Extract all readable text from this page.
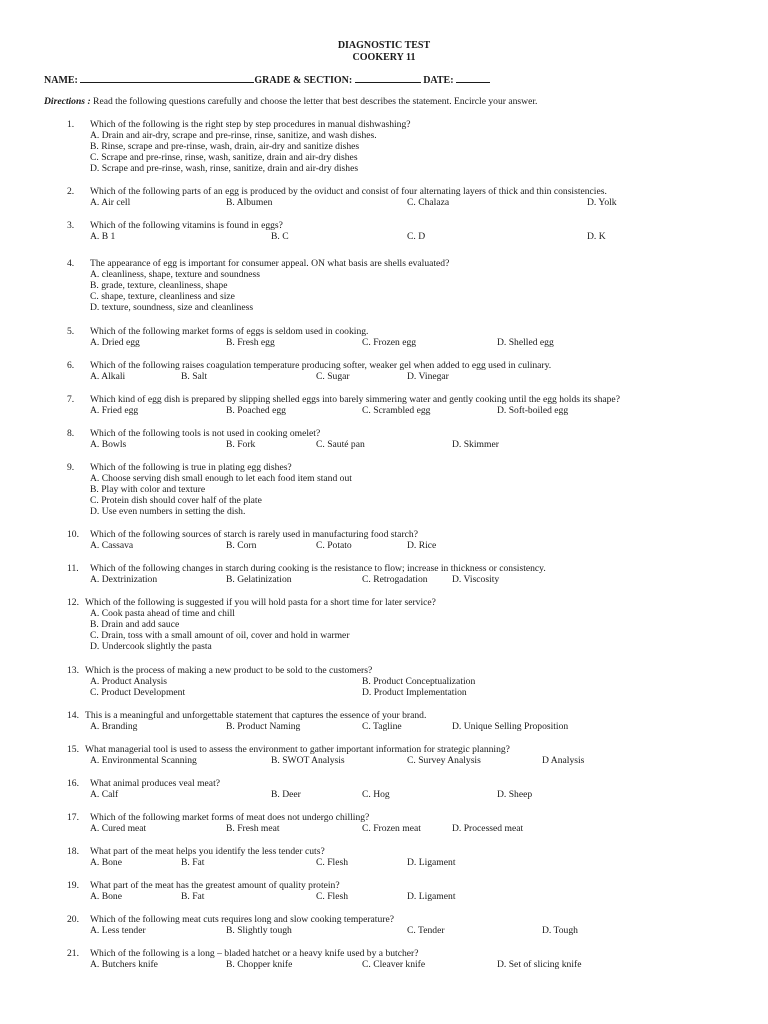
DIAGNOSTIC TEST
COOKERY 11
NAME:	GRADE & SECTION:	DATE:
Directions : Read the following questions carefully and choose the letter that best describes the statement. Encircle your answer.
1. Which of the following is the right step by step procedures in manual dishwashing?
A. Drain and air-dry, scrape and pre-rinse, rinse, sanitize, and wash dishes.
B. Rinse, scrape and pre-rinse, wash, drain, air-dry and sanitize dishes
C. Scrape and pre-rinse, rinse, wash, sanitize, drain and air-dry dishes
D. Scrape and pre-rinse, wash, rinse, sanitize, drain and air-dry dishes
2. Which of the following parts of an egg is produced by the oviduct and consist of four alternating layers of thick and thin consistencies.
A. Air cell	B. Albumen	C. Chalaza	D. Yolk
3. Which of the following vitamins is found in eggs?
A. B 1	B. C	C. D	D. K
4. The appearance of egg is important for consumer appeal. ON what basis are shells evaluated?
A. cleanliness, shape, texture and soundness
B. grade, texture, cleanliness, shape
C. shape, texture, cleanliness and size
D. texture, soundness, size and cleanliness
5. Which of the following market forms of eggs is seldom used in cooking.
A. Dried egg	B. Fresh egg	C. Frozen egg	D. Shelled egg
6. Which of the following raises coagulation temperature producing softer, weaker gel when added to egg used in culinary.
A. Alkali	B. Salt	C. Sugar	D. Vinegar
7. Which kind of egg dish is prepared by slipping shelled eggs into barely simmering water and gently cooking until the egg holds its shape?
A. Fried egg	B. Poached egg	C. Scrambled egg	D. Soft-boiled egg
8. Which of the following tools is not used in cooking omelet?
A. Bowls	B. Fork	C. Sauté pan	D. Skimmer
9. Which of the following is true in plating egg dishes?
A. Choose serving dish small enough to let each food item stand out
B. Play with color and texture
C. Protein dish should cover half of the plate
D. Use even numbers in setting the dish.
10. Which of the following sources of starch is rarely used in manufacturing food starch?
A. Cassava	B. Corn	C. Potato	D. Rice
11. Which of the following changes in starch during cooking is the resistance to flow; increase in thickness or consistency.
A. Dextrinization	B. Gelatinization	C. Retrogadation	D. Viscosity
12. Which of the following is suggested if you will hold pasta for a short time for later service?
A. Cook pasta ahead of time and chill
B. Drain and add sauce
C. Drain, toss with a small amount of oil, cover and hold in warmer
D. Undercook slightly the pasta
13. Which is the process of making a new product to be sold to the customers?
A. Product Analysis	B. Product Conceptualization
C. Product Development	D. Product Implementation
14. This is a meaningful and unforgettable statement that captures the essence of your brand.
A. Branding	B. Product Naming	C. Tagline	D. Unique Selling Proposition
15. What managerial tool is used to assess the environment to gather important information for strategic planning?
A. Environmental Scanning	B. SWOT Analysis	C. Survey Analysis	D Analysis
16. What animal produces veal meat?
A. Calf	B. Deer	C. Hog	D. Sheep
17. Which of the following market forms of meat does not undergo chilling?
A. Cured meat	B. Fresh meat	C. Frozen meat	D. Processed meat
18. What part of the meat helps you identify the less tender cuts?
A. Bone	B. Fat	C. Flesh	D. Ligament
19. What part of the meat has the greatest amount of quality protein?
A. Bone	B. Fat	C. Flesh	D. Ligament
20. Which of the following meat cuts requires long and slow cooking temperature?
A. Less tender	B. Slightly tough	C. Tender	D. Tough
21. Which of the following is a long – bladed hatchet or a heavy knife used by a butcher?
A. Butchers knife	B. Chopper knife	C. Cleaver knife	D. Set of slicing knife
